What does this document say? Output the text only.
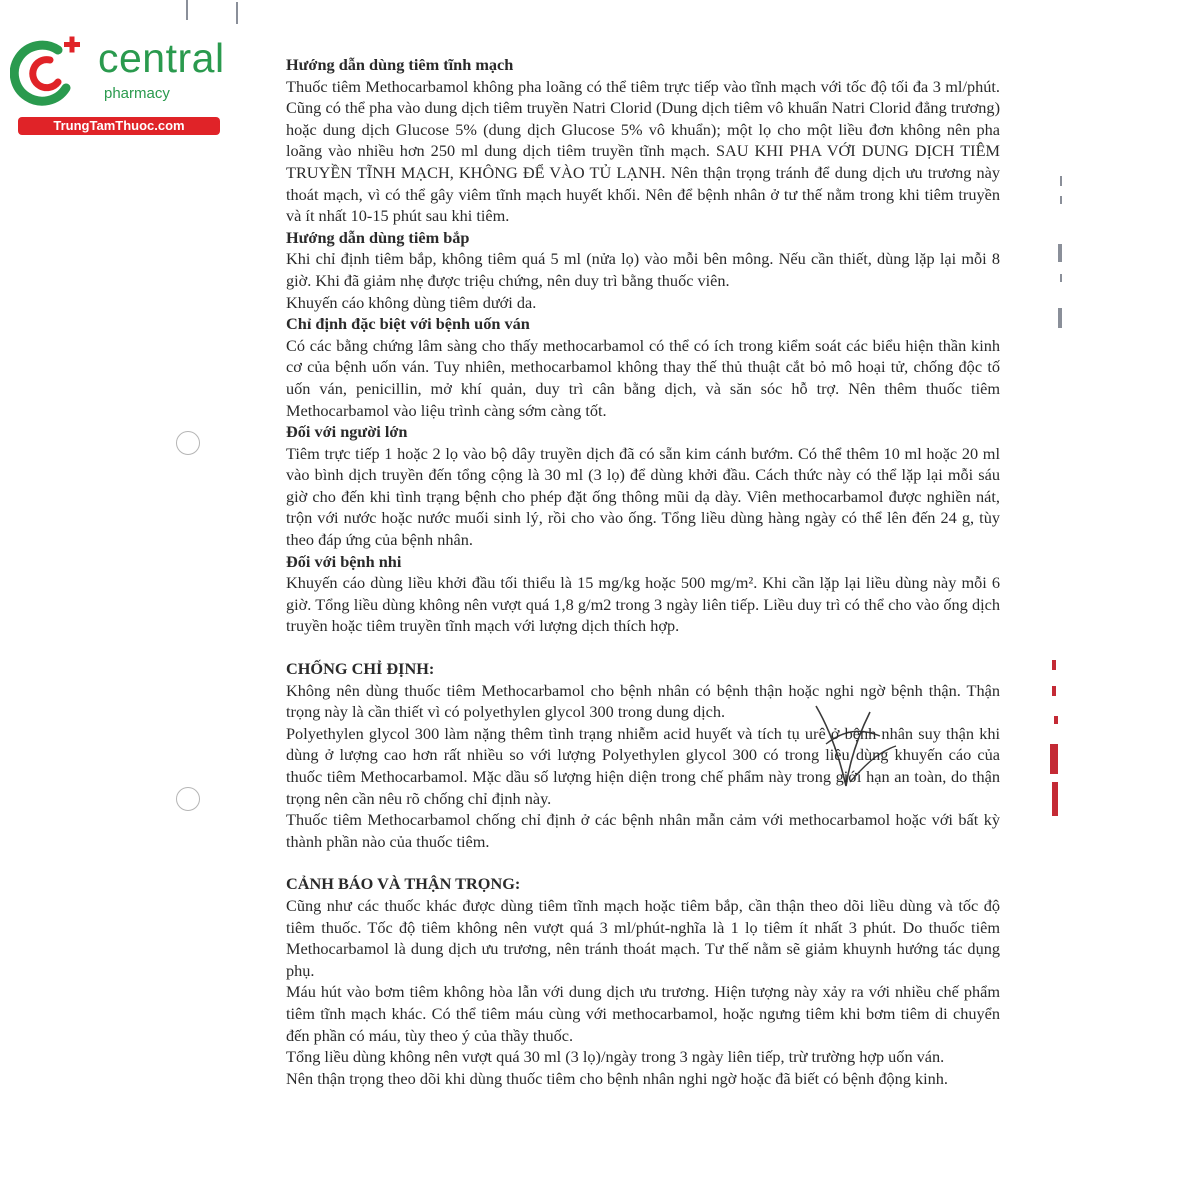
central
pharmacy
TrungTamThuoc.com

Hướng dẫn dùng tiêm tĩnh mạch

Thuốc tiêm Methocarbamol không pha loãng có thể tiêm trực tiếp vào tĩnh mạch với tốc độ tối đa 3 ml/phút. Cũng có thể pha vào dung dịch tiêm truyền Natri Clorid (Dung dịch tiêm vô khuẩn Natri Clorid đẳng trương) hoặc dung dịch Glucose 5% (dung dịch Glucose 5% vô khuẩn); một lọ cho một liều đơn không nên pha loãng vào nhiều hơn 250 ml dung dịch tiêm truyền tĩnh mạch. SAU KHI PHA VỚI DUNG DỊCH TIÊM TRUYỀN TĨNH MẠCH, KHÔNG ĐỂ VÀO TỦ LẠNH. Nên thận trọng tránh để dung dịch ưu trương này thoát mạch, vì có thể gây viêm tĩnh mạch huyết khối. Nên để bệnh nhân ở tư thế nằm trong khi tiêm truyền và ít nhất 10-15 phút sau khi tiêm.

Hướng dẫn dùng tiêm bắp

Khi chỉ định tiêm bắp, không tiêm quá 5 ml (nửa lọ) vào mỗi bên mông. Nếu cần thiết, dùng lặp lại mỗi 8 giờ. Khi đã giảm nhẹ được triệu chứng, nên duy trì bằng thuốc viên.

Khuyến cáo không dùng tiêm dưới da.

Chỉ định đặc biệt với bệnh uốn ván

Có các bằng chứng lâm sàng cho thấy methocarbamol có thể có ích trong kiểm soát các biểu hiện thần kinh cơ của bệnh uốn ván. Tuy nhiên, methocarbamol không thay thế thủ thuật cắt bỏ mô hoại tử, chống độc tố uốn ván, penicillin, mở khí quản, duy trì cân bằng dịch, và săn sóc hỗ trợ. Nên thêm thuốc tiêm Methocarbamol vào liệu trình càng sớm càng tốt.

Đối với người lớn

Tiêm trực tiếp 1 hoặc 2 lọ vào bộ dây truyền dịch đã có sẵn kim cánh bướm. Có thể thêm 10 ml hoặc 20 ml vào bình dịch truyền đến tổng cộng là 30 ml (3 lọ) để dùng khởi đầu. Cách thức này có thể lặp lại mỗi sáu giờ cho đến khi tình trạng bệnh cho phép đặt ống thông mũi dạ dày. Viên methocarbamol được nghiền nát, trộn với nước hoặc nước muối sinh lý, rồi cho vào ống. Tổng liều dùng hàng ngày có thể lên đến 24 g, tùy theo đáp ứng của bệnh nhân.

Đối với bệnh nhi

Khuyến cáo dùng liều khởi đầu tối thiểu là 15 mg/kg hoặc 500 mg/m². Khi cần lặp lại liều dùng này mỗi 6 giờ. Tổng liều dùng không nên vượt quá 1,8 g/m2 trong 3 ngày liên tiếp. Liều duy trì có thể cho vào ống dịch truyền hoặc tiêm truyền tĩnh mạch với lượng dịch thích hợp.

CHỐNG CHỈ ĐỊNH:

Không nên dùng thuốc tiêm Methocarbamol cho bệnh nhân có bệnh thận hoặc nghi ngờ bệnh thận. Thận trọng này là cần thiết vì có polyethylen glycol 300 trong dung dịch.

Polyethylen glycol 300 làm nặng thêm tình trạng nhiễm acid huyết và tích tụ urê ở bệnh nhân suy thận khi dùng ở lượng cao hơn rất nhiều so với lượng Polyethylen glycol 300 có trong liều dùng khuyến cáo của thuốc tiêm Methocarbamol. Mặc dầu số lượng hiện diện trong chế phẩm này trong giới hạn an toàn, do thận trọng nên cần nêu rõ chống chỉ định này.

Thuốc tiêm Methocarbamol chống chỉ định ở các bệnh nhân mẫn cảm với methocarbamol hoặc với bất kỳ thành phần nào của thuốc tiêm.

CẢNH BÁO VÀ THẬN TRỌNG:

Cũng như các thuốc khác được dùng tiêm tĩnh mạch hoặc tiêm bắp, cần thận theo dõi liều dùng và tốc độ tiêm thuốc. Tốc độ tiêm không nên vượt quá 3 ml/phút-nghĩa là 1 lọ tiêm ít nhất 3 phút. Do thuốc tiêm Methocarbamol là dung dịch ưu trương, nên tránh thoát mạch. Tư thế nằm sẽ giảm khuynh hướng tác dụng phụ.

Máu hút vào bơm tiêm không hòa lẫn với dung dịch ưu trương. Hiện tượng này xảy ra với nhiều chế phẩm tiêm tĩnh mạch khác. Có thể tiêm máu cùng với methocarbamol, hoặc ngưng tiêm khi bơm tiêm di chuyển đến phần có máu, tùy theo ý của thầy thuốc.

Tổng liều dùng không nên vượt quá 30 ml (3 lọ)/ngày trong 3 ngày liên tiếp, trừ trường hợp uốn ván.

Nên thận trọng theo dõi khi dùng thuốc tiêm cho bệnh nhân nghi ngờ hoặc đã biết có bệnh động kinh.
